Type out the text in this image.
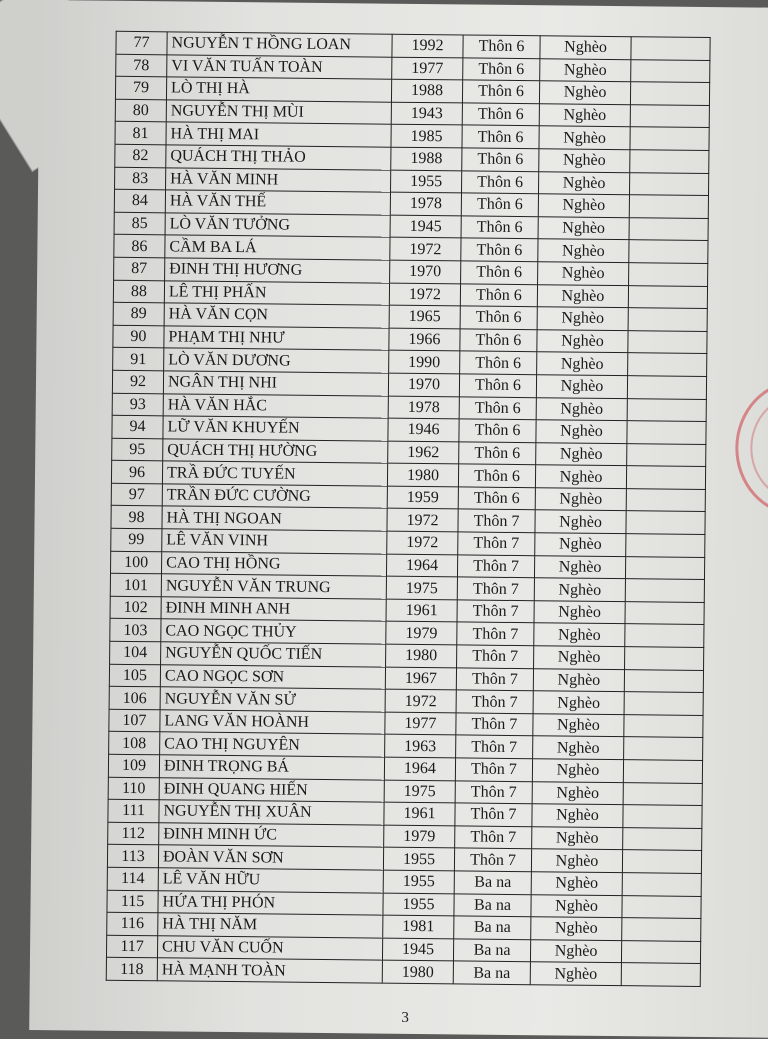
77	NGUYỄN T HỒNG LOAN	1992	Thôn 6	Nghèo	
78	VI VĂN TUẤN TOÀN	1977	Thôn 6	Nghèo	
79	LÒ THỊ HÀ	1988	Thôn 6	Nghèo	
80	NGUYỄN THỊ MÙI	1943	Thôn 6	Nghèo	
81	HÀ THỊ MAI	1985	Thôn 6	Nghèo	
82	QUÁCH THỊ THẢO	1988	Thôn 6	Nghèo	
83	HÀ VĂN MINH	1955	Thôn 6	Nghèo	
84	HÀ VĂN THẾ	1978	Thôn 6	Nghèo	
85	LÒ VĂN TƯỞNG	1945	Thôn 6	Nghèo	
86	CẦM BA LÁ	1972	Thôn 6	Nghèo	
87	ĐINH THỊ HƯƠNG	1970	Thôn 6	Nghèo	
88	LÊ THỊ PHẤN	1972	Thôn 6	Nghèo	
89	HÀ VĂN CỌN	1965	Thôn 6	Nghèo	
90	PHẠM THỊ NHƯ	1966	Thôn 6	Nghèo	
91	LÒ VĂN DƯƠNG	1990	Thôn 6	Nghèo	
92	NGÂN THỊ NHI	1970	Thôn 6	Nghèo	
93	HÀ VĂN HẮC	1978	Thôn 6	Nghèo	
94	LỮ VĂN KHUYẾN	1946	Thôn 6	Nghèo	
95	QUÁCH THỊ HƯỜNG	1962	Thôn 6	Nghèo	
96	TRẦ ĐỨC TUYẾN	1980	Thôn 6	Nghèo	
97	TRẦN ĐỨC CƯỜNG	1959	Thôn 6	Nghèo	
98	HÀ THỊ NGOAN	1972	Thôn 7	Nghèo	
99	LÊ VĂN VINH	1972	Thôn 7	Nghèo	
100	CAO THỊ HỒNG	1964	Thôn 7	Nghèo	
101	NGUYỄN VĂN TRUNG	1975	Thôn 7	Nghèo	
102	ĐINH MINH ANH	1961	Thôn 7	Nghèo	
103	CAO NGỌC THỦY	1979	Thôn 7	Nghèo	
104	NGUYỄN QUỐC TIẾN	1980	Thôn 7	Nghèo	
105	CAO NGỌC SƠN	1967	Thôn 7	Nghèo	
106	NGUYỄN VĂN SỬ	1972	Thôn 7	Nghèo	
107	LANG VĂN HOÀNH	1977	Thôn 7	Nghèo	
108	CAO THỊ NGUYÊN	1963	Thôn 7	Nghèo	
109	ĐINH TRỌNG BÁ	1964	Thôn 7	Nghèo	
110	ĐINH QUANG HIẾN	1975	Thôn 7	Nghèo	
111	NGUYỄN THỊ XUÂN	1961	Thôn 7	Nghèo	
112	ĐINH MINH ỨC	1979	Thôn 7	Nghèo	
113	ĐOÀN VĂN SƠN	1955	Thôn 7	Nghèo	
114	LÊ VĂN HỮU	1955	Ba na	Nghèo	
115	HỨA THỊ PHÓN	1955	Ba na	Nghèo	
116	HÀ THỊ NĂM	1981	Ba na	Nghèo	
117	CHU VĂN CUỐN	1945	Ba na	Nghèo	
118	HÀ MẠNH TOÀN	1980	Ba na	Nghèo	
3
